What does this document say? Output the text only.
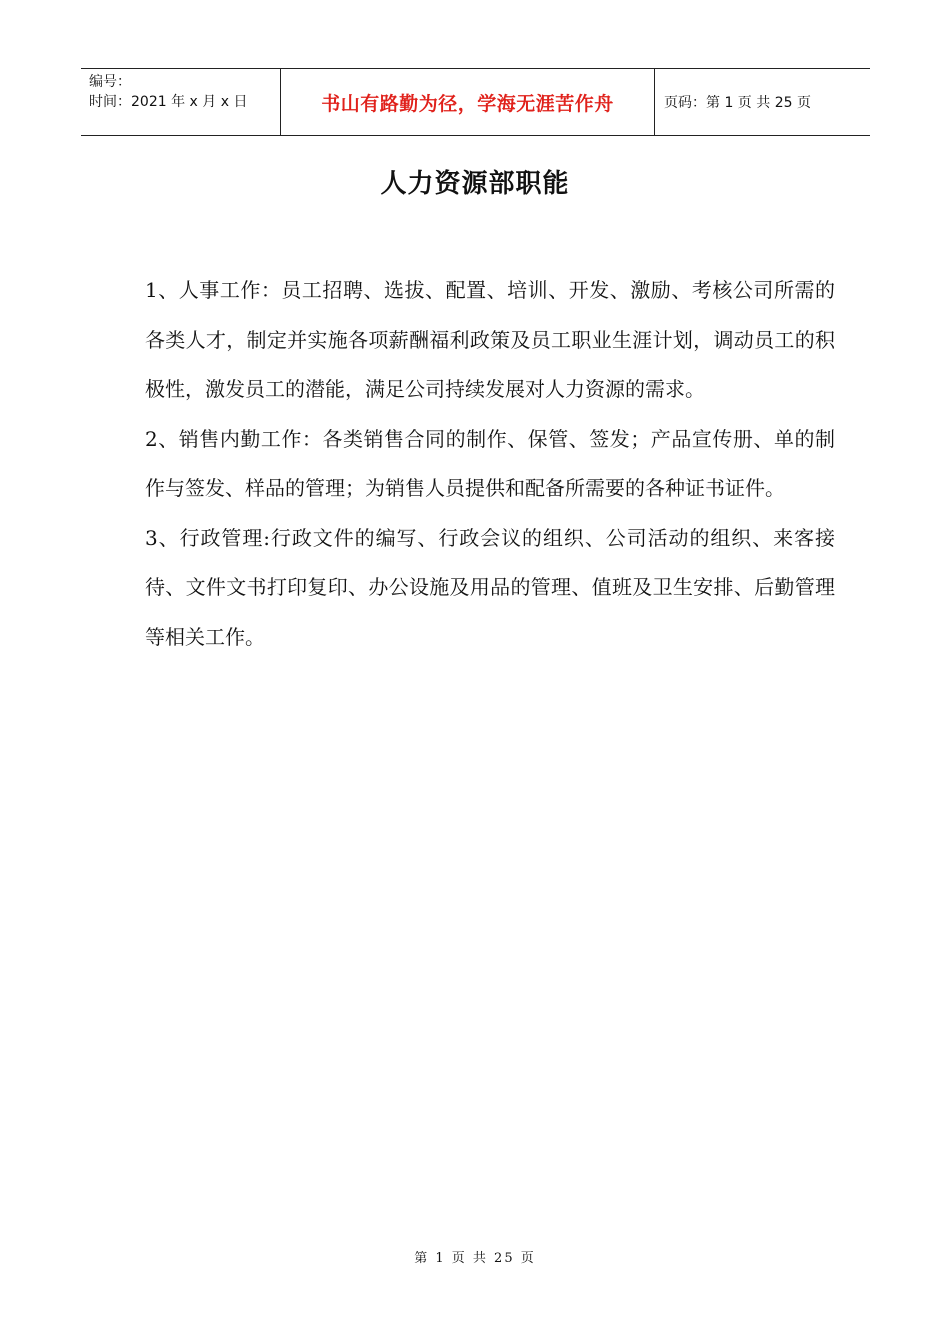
编号：
时间：2021 年 x 月 x 日	书山有路勤为径，学海无涯苦作舟	页码：第 1 页 共 25 页
人力资源部职能

1、人事工作：员工招聘、选拔、配置、培训、开发、激励、考核公司所需的各类人才，制定并实施各项薪酬福利政策及员工职业生涯计划，调动员工的积极性，激发员工的潜能，满足公司持续发展对人力资源的需求。

2、销售内勤工作：各类销售合同的制作、保管、签发；产品宣传册、单的制作与签发、样品的管理；为销售人员提供和配备所需要的各种证书证件。

3、行政管理:行政文件的编写、行政会议的组织、公司活动的组织、来客接待、文件文书打印复印、办公设施及用品的管理、值班及卫生安排、后勤管理等相关工作。

第 1 页 共 25 页
